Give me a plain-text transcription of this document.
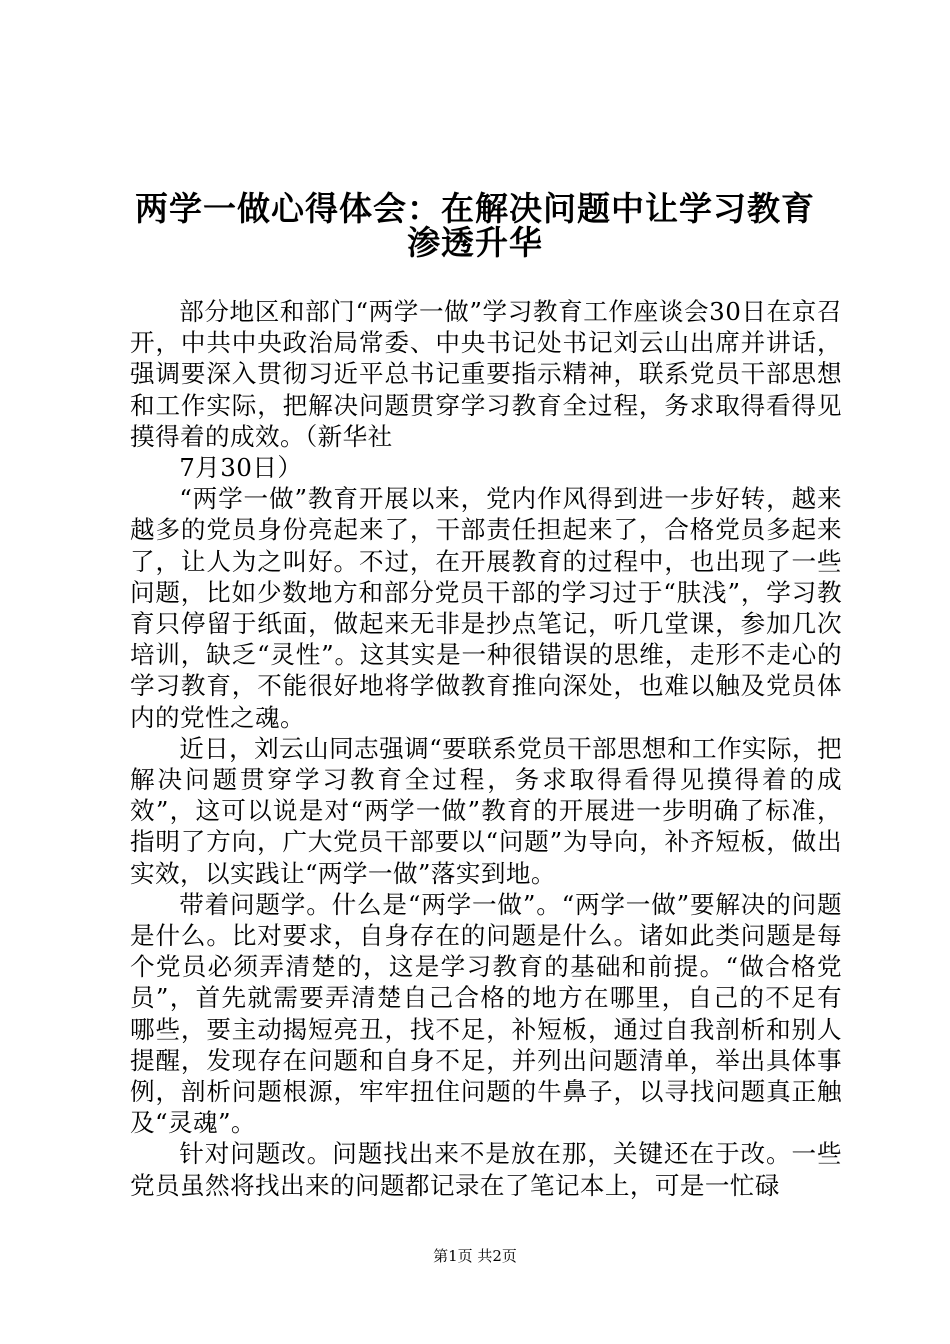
两学一做心得体会：在解决问题中让学习教育
渗透升华

部分地区和部门“两学一做”学习教育工作座谈会30日在京召开，中共中央政治局常委、中央书记处书记刘云山出席并讲话，强调要深入贯彻习近平总书记重要指示精神，联系党员干部思想和工作实际，把解决问题贯穿学习教育全过程，务求取得看得见摸得着的成效。（新华社

7月30日）

“两学一做”教育开展以来，党内作风得到进一步好转，越来越多的党员身份亮起来了，干部责任担起来了，合格党员多起来了，让人为之叫好。不过，在开展教育的过程中，也出现了一些问题，比如少数地方和部分党员干部的学习过于“肤浅”，学习教育只停留于纸面，做起来无非是抄点笔记，听几堂课，参加几次培训，缺乏“灵性”。这其实是一种很错误的思维，走形不走心的学习教育，不能很好地将学做教育推向深处，也难以触及党员体内的党性之魂。

近日，刘云山同志强调“要联系党员干部思想和工作实际，把解决问题贯穿学习教育全过程，务求取得看得见摸得着的成效”，这可以说是对“两学一做”教育的开展进一步明确了标准，指明了方向，广大党员干部要以“问题”为导向，补齐短板，做出实效，以实践让“两学一做”落实到地。

带着问题学。什么是“两学一做”。“两学一做”要解决的问题是什么。比对要求，自身存在的问题是什么。诸如此类问题是每个党员必须弄清楚的，这是学习教育的基础和前提。“做合格党员”，首先就需要弄清楚自己合格的地方在哪里，自己的不足有哪些，要主动揭短亮丑，找不足，补短板，通过自我剖析和别人提醒，发现存在问题和自身不足，并列出问题清单，举出具体事例，剖析问题根源，牢牢扭住问题的牛鼻子，以寻找问题真正触及“灵魂”。

针对问题改。问题找出来不是放在那，关键还在于改。一些党员虽然将找出来的问题都记录在了笔记本上，可是一忙碌

第1页 共2页
